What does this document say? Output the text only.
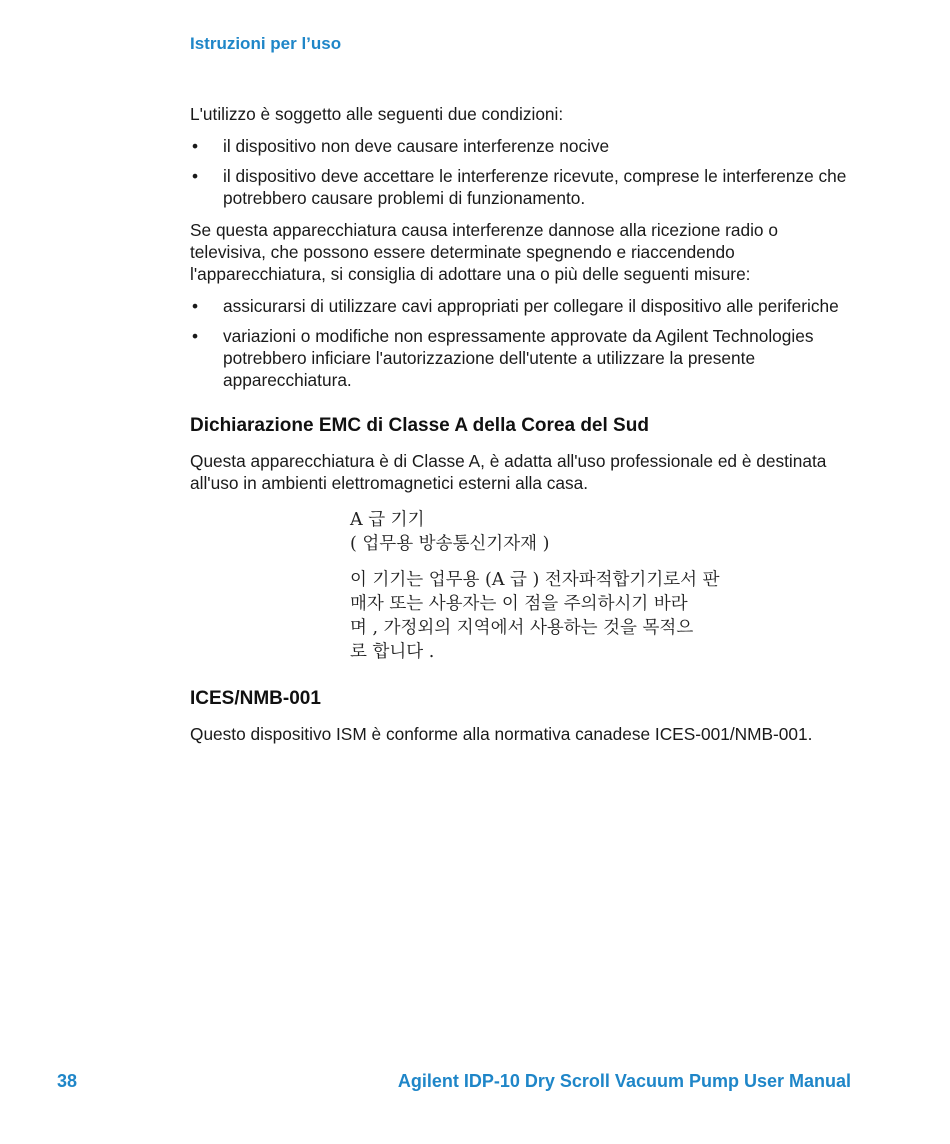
Istruzioni per l’uso

L'utilizzo è soggetto alle seguenti due condizioni:

• il dispositivo non deve causare interferenze nocive
• il dispositivo deve accettare le interferenze ricevute, comprese le interferenze che potrebbero causare problemi di funzionamento.

Se questa apparecchiatura causa interferenze dannose alla ricezione radio o televisiva, che possono essere determinate spegnendo e riaccendendo l'apparecchiatura, si consiglia di adottare una o più delle seguenti misure:

• assicurarsi di utilizzare cavi appropriati per collegare il dispositivo alle periferiche
• variazioni o modifiche non espressamente approvate da Agilent Technologies potrebbero inficiare l'autorizzazione dell'utente a utilizzare la presente apparecchiatura.
Dichiarazione EMC di Classe A della Corea del Sud

Questa apparecchiatura è di Classe A, è adatta all'uso professionale ed è destinata all'uso in ambienti elettromagnetici esterni alla casa.

A 급 기기
( 업무용 방송통신기자재 )
이 기기는 업무용 (A 급 ) 전자파적합기기로서 판
매자 또는 사용자는 이 점을 주의하시기 바라
며 , 가정외의 지역에서 사용하는 것을 목적으
로 합니다 .
ICES/NMB-001

Questo dispositivo ISM è conforme alla normativa canadese ICES-001/NMB-001.

38	Agilent IDP-10 Dry Scroll Vacuum Pump User Manual
